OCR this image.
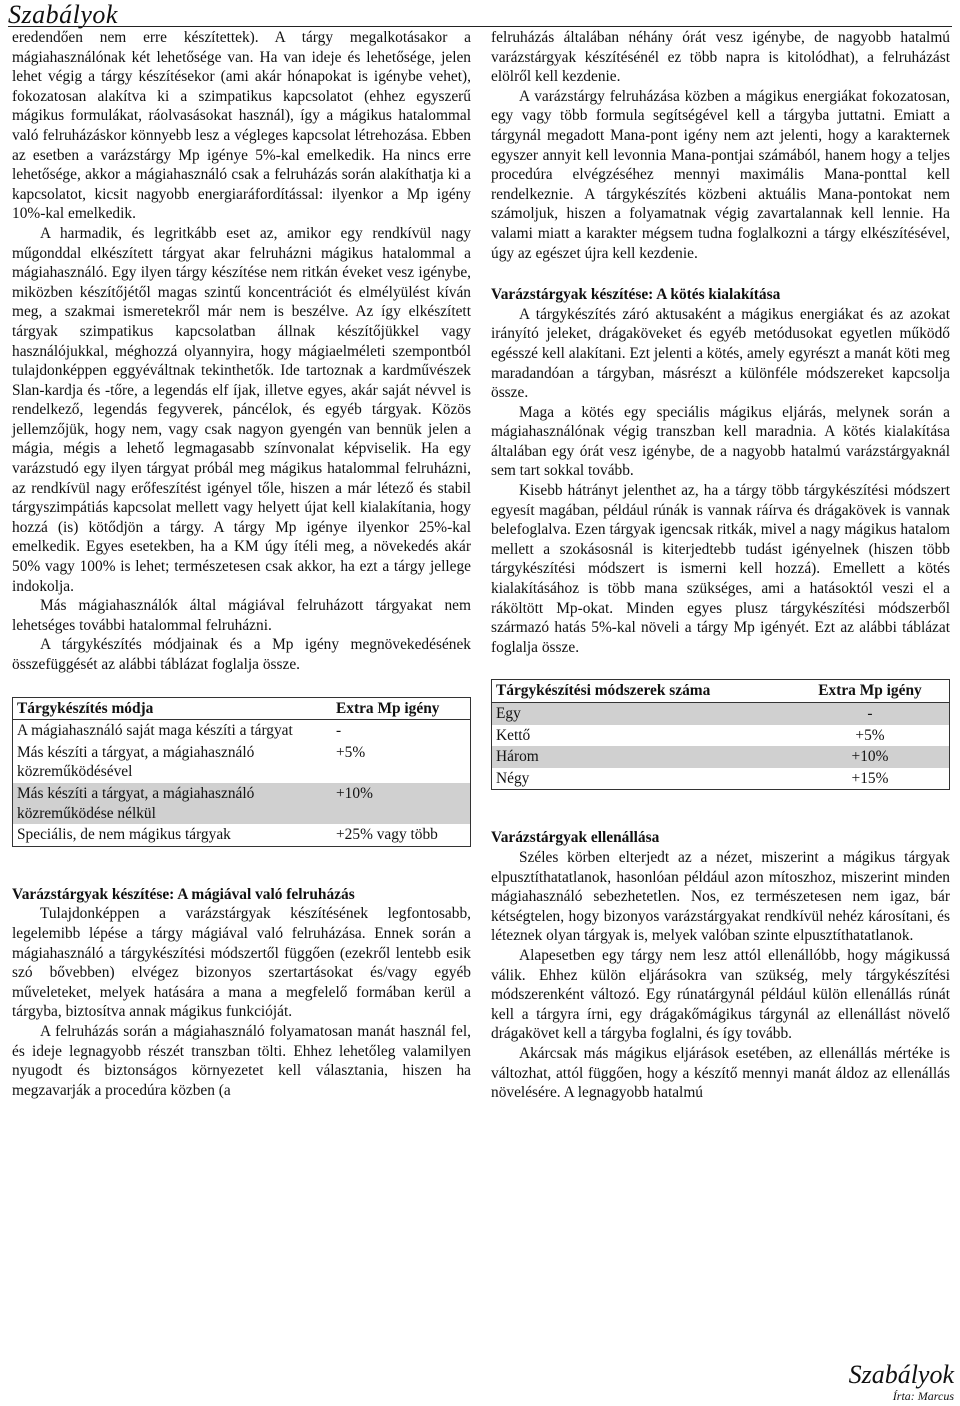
Szabályok

eredendően nem erre készítettek). A tárgy megalkotásakor a mágiahasználónak két lehetősége van. Ha van ideje és lehetősége, jelen lehet végig a tárgy készítésekor (ami akár hónapokat is igénybe vehet), fokozatosan alakítva ki a szimpatikus kapcsolatot (ehhez egyszerű mágikus formulákat, ráolvasásokat használ), így a mágikus hatalommal való felruházáskor könnyebb lesz a végleges kapcsolat létrehozása. Ebben az esetben a varázstárgy Mp igénye 5%-kal emelkedik. Ha nincs erre lehetősége, akkor a mágiahasználó csak a felruházás során alakíthatja ki a kapcsolatot, kicsit nagyobb energiaráfordítással: ilyenkor a Mp igény 10%-kal emelkedik.

A harmadik, és legritkább eset az, amikor egy rendkívül nagy műgonddal elkészített tárgyat akar felruházni mágikus hatalommal a mágiahasználó. Egy ilyen tárgy készítése nem ritkán éveket vesz igénybe, miközben készítőjétől magas szintű koncentrációt és elmélyülést kíván meg, a szakmai ismeretekről már nem is beszélve. Az így elkészített tárgyak szimpatikus kapcsolatban állnak készítőjükkel vagy használójukkal, méghozzá olyannyira, hogy mágiaelméleti szempontból tulajdonképpen eggyéváltnak tekinthetők. Ide tartoznak a kardművészek Slan-kardja és -tőre, a legendás elf íjak, illetve egyes, akár saját névvel is rendelkező, legendás fegyverek, páncélok, és egyéb tárgyak. Közös jellemzőjük, hogy nem, vagy csak nagyon gyengén van bennük jelen a mágia, mégis a lehető legmagasabb színvonalat képviselik. Ha egy varázstudó egy ilyen tárgyat próbál meg mágikus hatalommal felruházni, az rendkívül nagy erőfeszítést igényel tőle, hiszen a már létező és stabil tárgyszimpátiás kapcsolat mellett vagy helyett újat kell kialakítania, hogy hozzá (is) kötődjön a tárgy. A tárgy Mp igénye ilyenkor 25%-kal emelkedik. Egyes esetekben, ha a KM úgy ítéli meg, a növekedés akár 50% vagy 100% is lehet; természetesen csak akkor, ha ezt a tárgy jellege indokolja.

Más mágiahasználók által mágiával felruházott tárgyakat nem lehetséges további hatalommal felruházni.

A tárgykészítés módjainak és a Mp igény megnövekedésének összefüggését az alábbi táblázat foglalja össze.

Tárgykészítés módja	Extra Mp igény
A mágiahasználó saját maga készíti a tárgyat	-
Más készíti a tárgyat, a mágiahasználó közreműködésével	+5%
Más készíti a tárgyat, a mágiahasználó közreműködése nélkül	+10%
Speciális, de nem mágikus tárgyak	+25% vagy több
Varázstárgyak készítése: A mágiával való felruházás

Tulajdonképpen a varázstárgyak készítésének legfontosabb, legelemibb lépése a tárgy mágiával való felruházása. Ennek során a mágiahasználó a tárgykészítési módszertől függően (ezekről lentebb esik szó bővebben) elvégez bizonyos szertartásokat és/vagy egyéb műveleteket, melyek hatására a mana a megfelelő formában kerül a tárgyba, biztosítva annak mágikus funkcióját.

A felruházás során a mágiahasználó folyamatosan manát használ fel, és ideje legnagyobb részét transzban tölti. Ehhez lehetőleg valamilyen nyugodt és biztonságos környezetet kell választania, hiszen ha megzavarják a procedúra közben (a

felruházás általában néhány órát vesz igénybe, de nagyobb hatalmú varázstárgyak készítésénél ez több napra is kitolódhat), a felruházást elölről kell kezdenie.

A varázstárgy felruházása közben a mágikus energiákat fokozatosan, egy vagy több formula segítségével kell a tárgyba juttatni. Emiatt a tárgynál megadott Mana-pont igény nem azt jelenti, hogy a karakternek egyszer annyit kell levonnia Mana-pontjai számából, hanem hogy a teljes procedúra elvégzéséhez mennyi maximális Mana-ponttal kell rendelkeznie. A tárgykészítés közbeni aktuális Mana-pontokat nem számoljuk, hiszen a folyamatnak végig zavartalannak kell lennie. Ha valami miatt a karakter mégsem tudna foglalkozni a tárgy elkészítésével, úgy az egészet újra kell kezdenie.

Varázstárgyak készítése: A kötés kialakítása

A tárgykészítés záró aktusaként a mágikus energiákat és az azokat irányító jeleket, drágaköveket és egyéb metódusokat egyetlen működő egésszé kell alakítani. Ezt jelenti a kötés, amely egyrészt a manát köti meg maradandóan a tárgyban, másrészt a különféle módszereket kapcsolja össze.

Maga a kötés egy speciális mágikus eljárás, melynek során a mágiahasználónak végig transzban kell maradnia. A kötés kialakítása általában egy órát vesz igénybe, de a nagyobb hatalmú varázstárgyaknál sem tart sokkal tovább.

Kisebb hátrányt jelenthet az, ha a tárgy több tárgykészítési módszert egyesít magában, például rúnák is vannak ráírva és drágakövek is vannak belefoglalva. Ezen tárgyak igencsak ritkák, mivel a nagy mágikus hatalom mellett a szokásosnál is kiterjedtebb tudást igényelnek (hiszen több tárgykészítési módszert is ismerni kell hozzá). Emellett a kötés kialakításához is több mana szükséges, ami a hatásoktól veszi el a ráköltött Mp-okat. Minden egyes plusz tárgykészítési módszerből származó hatás 5%-kal növeli a tárgy Mp igényét. Ezt az alábbi táblázat foglalja össze.

Tárgykészítési módszerek száma	Extra Mp igény
Egy	-
Kettő	+5%
Három	+10%
Négy	+15%
Varázstárgyak ellenállása

Széles körben elterjedt az a nézet, miszerint a mágikus tárgyak elpusztíthatatlanok, hasonlóan például azon mítoszhoz, miszerint minden mágiahasználó sebezhetetlen. Nos, ez természetesen nem igaz, bár kétségtelen, hogy bizonyos varázstárgyakat rendkívül nehéz károsítani, és léteznek olyan tárgyak is, melyek valóban szinte elpusztíthatatlanok.

Alapesetben egy tárgy nem lesz attól ellenállóbb, hogy mágikussá válik. Ehhez külön eljárásokra van szükség, mely tárgykészítési módszerenként változó. Egy rúnatárgynál például külön ellenállás rúnát kell a tárgyra írni, egy drágakőmágikus tárgynál az ellenállást növelő drágakövet kell a tárgyba foglalni, és így tovább.

Akárcsak más mágikus eljárások esetében, az ellenállás mértéke is változhat, attól függően, hogy a készítő mennyi manát áldoz az ellenállás növelésére. A legnagyobb hatalmú

Szabályok
Írta: Marcus
